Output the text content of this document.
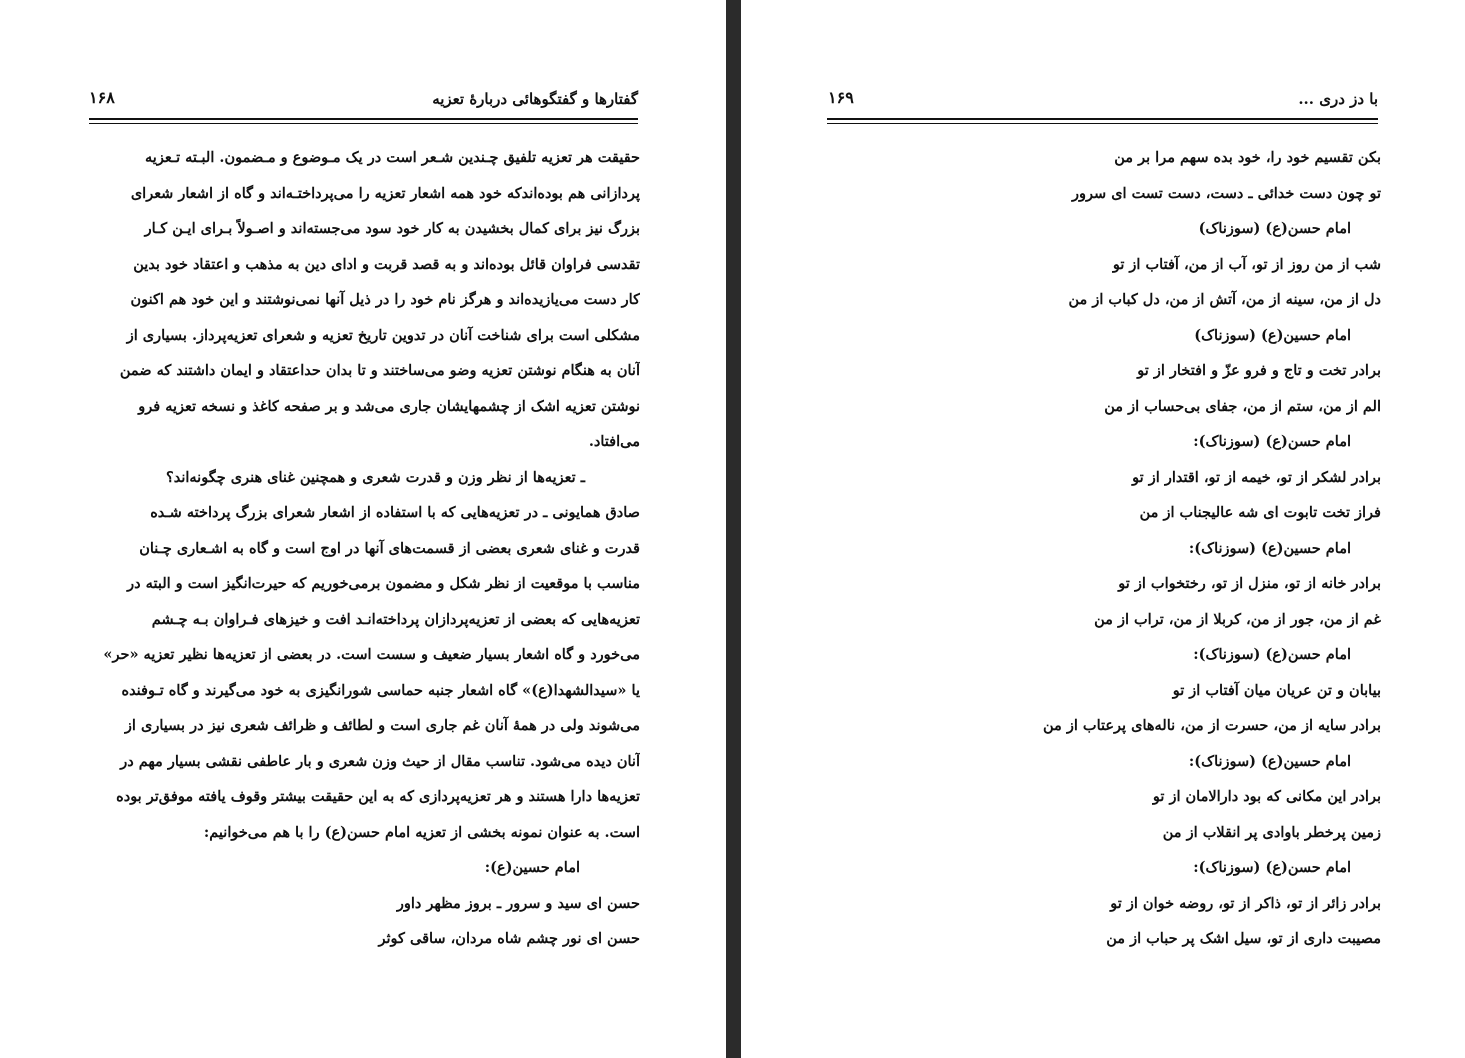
گفتارها و گفتگوهائی دربارهٔ تعزیه
۱۶۸
حقیقت هر تعزیه تلفیق چـندین شـعر است در یک مـوضوع و مـضمون. البـته تـعزیه
پردازانی هم بوده‌اندکه خود همه اشعار تعزیه را می‌پرداختـه‌اند و گاه از اشعار شعرای
بزرگ نیز برای کمال بخشیدن به کار خود سود می‌جسته‌اند و اصـولاً بـرای ایـن کـار
تقدسی فراوان قائل بوده‌اند و به قصد قربت و ادای دین به مذهب و اعتقاد خود بدین
کار دست می‌یازیده‌اند و هرگز نام خود را در ذیل آنها نمی‌نوشتند و این خود هم اکنون
مشکلی است برای شناخت آنان در تدوین تاریخ تعزیه و شعرای تعزیه‌پرداز. بسیاری از
آنان به هنگام نوشتن تعزیه وضو می‌ساختند و تا بدان حداعتقاد و ایمان داشتند که ضمن
نوشتن تعزیه اشک از چشمهایشان جاری می‌شد و بر صفحه کاغذ و نسخه تعزیه فرو
می‌افتاد.
ـ تعزیه‌ها از نظر وزن و قدرت شعری و همچنین غنای هنری چگونه‌اند؟
صادق همایونی ـ در تعزیه‌هایی که با استفاده از اشعار شعرای بزرگ پرداخته شـده
قدرت و غنای شعری بعضی از قسمت‌های آنها در اوج است و گاه به اشـعاری چـنان
مناسب با موقعیت از نظر شکل و مضمون برمی‌خوریم که حیرت‌انگیز است و البته در
تعزیه‌هایی که بعضی از تعزیه‌پردازان پرداخته‌انـد افت و خیزهای فـراوان بـه چـشم
می‌خورد و گاه اشعار بسیار ضعیف و سست است. در بعضی از تعزیه‌ها نظیر تعزیه «حر»
یا «سیدالشهدا(ع)» گاه اشعار جنبه حماسی شورانگیزی به خود می‌گیرند و گاه تـوفنده
می‌شوند ولی در همهٔ آنان غم جاری است و لطائف و ظرائف شعری نیز در بسیاری از
آنان دیده می‌شود. تناسب مقال از حیث وزن شعری و بار عاطفی نقشی بسیار مهم در
تعزیه‌ها دارا هستند و هر تعزیه‌پردازی که به این حقیقت بیشتر وقوف یافته موفق‌تر بوده
است. به عنوان نمونه بخشی از تعزیه امام حسن(ع) را با هم می‌خوانیم:
امام حسین(ع):
حسن ای سید و سرور ـ بروز مظهر داور
حسن ای نور چشم شاه مردان، ساقی کوثر
با دز دری ...
۱۶۹
بکن تقسیم خود را، خود بده سهم مرا بر من
تو چون دست خدائی ـ دست، دست تست ای سرور
امام حسن(ع) (سوزناک)
شب از من روز از تو، آب از من، آفتاب از تو
دل از من، سینه از من، آتش از من، دل کباب از من
امام حسین(ع) (سوزناک)
برادر تخت و تاج و فرو عزّ و افتخار از تو
الم از من، ستم از من، جفای بی‌حساب از من
امام حسن(ع) (سوزناک):
برادر لشکر از تو، خیمه از تو، اقتدار از تو
فراز تخت تابوت ای شه عالیجناب از من
امام حسین(ع) (سوزناک):
برادر خانه از تو، منزل از تو، رختخواب از تو
غم از من، جور از من، کربلا از من، تراب از من
امام حسن(ع) (سوزناک):
بیابان و تن عریان میان آفتاب از تو
برادر سایه از من، حسرت از من، ناله‌های پرعتاب از من
امام حسین(ع) (سوزناک):
برادر این مکانی که بود دارالامان از تو
زمین پرخطر باوادی پر انقلاب از من
امام حسن(ع) (سوزناک):
برادر زائر از تو، ذاکر از تو، روضه خوان از تو
مصیبت داری از تو، سیل اشک پر حباب از من
